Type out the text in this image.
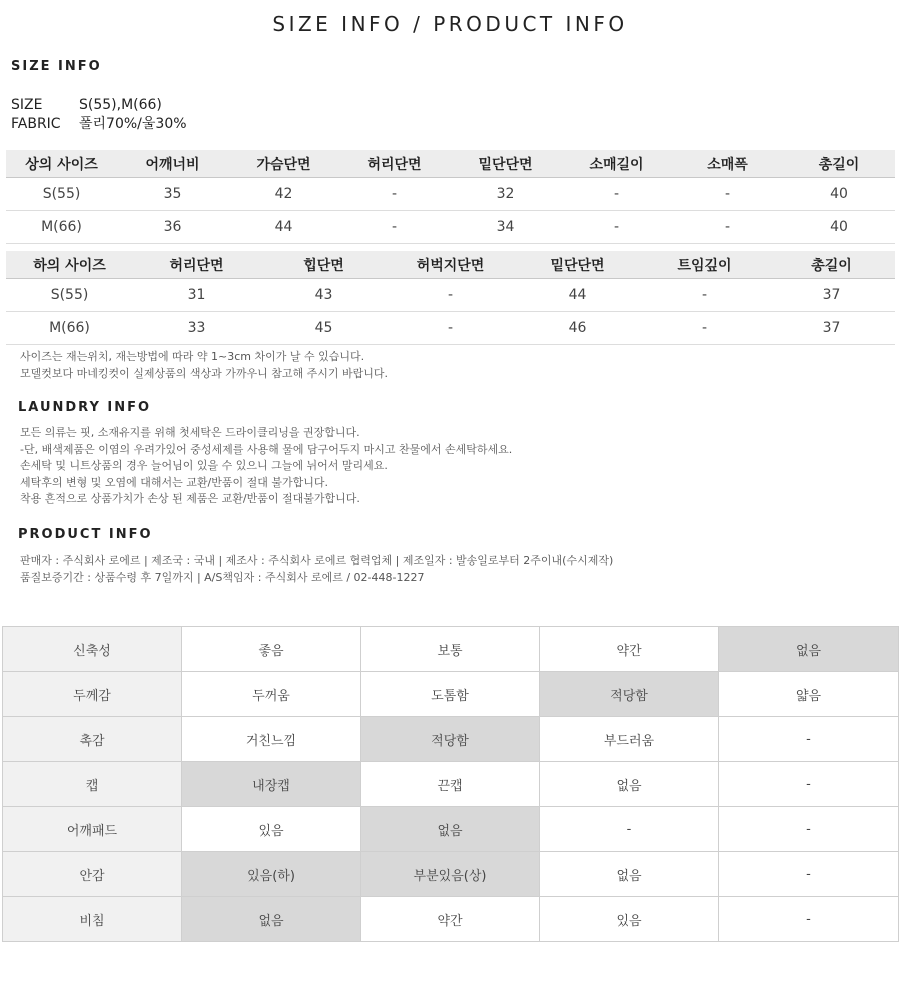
SIZE INFO / PRODUCT INFO
SIZE INFO
SIZE	S(55),M(66)
FABRIC 폴리70%/울30%
상의 사이즈	어깨너비	가슴단면	허리단면	밑단단면	소매길이	소매폭	총길이
S(55)	35	42	-	32	-	-	40
M(66)	36	44	-	34	-	-	40
하의 사이즈	허리단면	힙단면	허벅지단면	밑단단면	트임깊이	총길이
S(55)	31	43	-	44	-	37
M(66)	33	45	-	46	-	37
사이즈는 재는위치, 재는방법에 따라 약 1~3cm 차이가 날 수 있습니다.
모델컷보다 마네킹컷이 실제상품의 색상과 가까우니 참고해 주시기 바랍니다.
LAUNDRY INFO
모든 의류는 핏, 소재유지를 위해 첫세탁은 드라이클리닝을 권장합니다.
-단, 배색제품은 이염의 우려가있어 중성세제를 사용해 물에 담구어두지 마시고 찬물에서 손세탁하세요.
손세탁 및 니트상품의 경우 늘어님이 있을 수 있으니 그늘에 뉘어서 말리세요.
세탁후의 변형 및 오염에 대해서는 교환/반품이 절대 불가합니다.
착용 흔적으로 상품가치가 손상 된 제품은 교환/반품이 절대불가합니다.
PRODUCT INFO
판매자 : 주식회사 로에르 | 제조국 : 국내 | 제조사 : 주식회사 로에르 협력업체 | 제조일자 : 발송일로부터 2주이내(수시제작)
품질보증기간 : 상품수령 후 7일까지 | A/S책임자 : 주식회사 로에르 / 02-448-1227
신축성	좋음	보통	약간	없음
두께감	두꺼움	도톰함	적당함	얇음
촉감	거친느낌	적당함	부드러움	-
캡	내장캡	끈캡	없음	-
어깨패드	있음	없음	-	-
안감	있음(하)	부분있음(상)	없음	-
비침	없음	약간	있음	-
